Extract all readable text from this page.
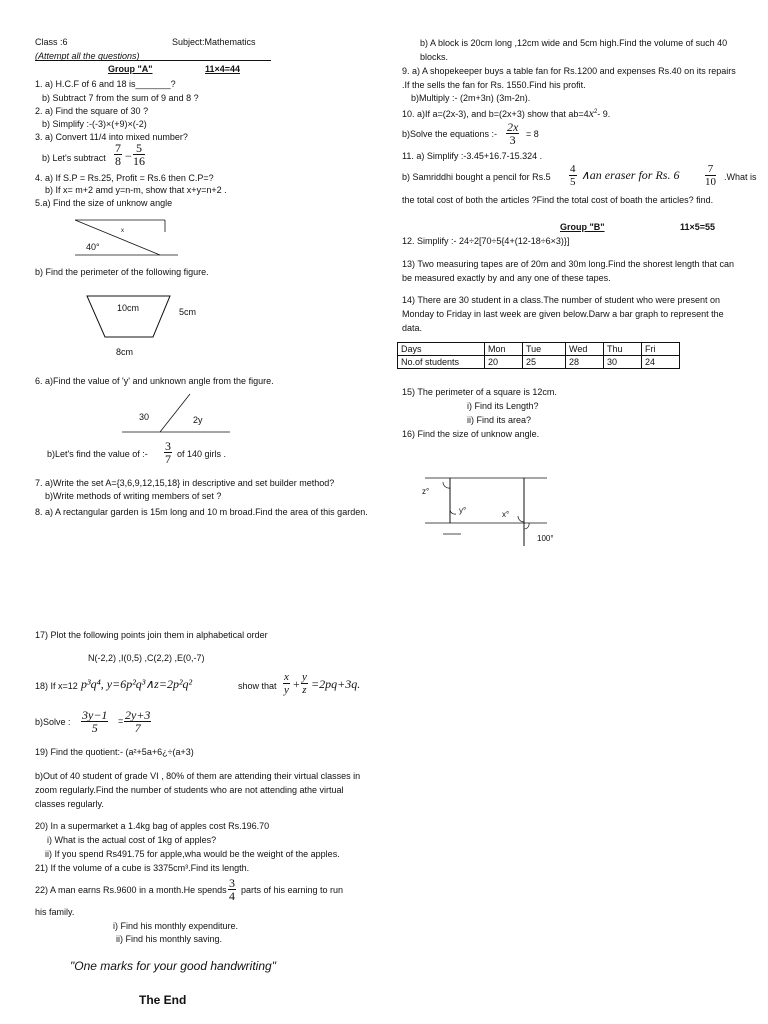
Class :6	Subject:Mathematics
(Attempt all the questions)
Group "A"	11×4=44
1. a) H.C.F of 6 and 18 is_______?
b) Subtract 7 from the sum of 9 and 8 ?
2. a) Find the square of 30 ?
b) Simplify :-(-3)×(+9)×(-2)
3. a) Convert 11/4 into mixed number?
b) Let's subtract $\frac{7}{8} - \frac{5}{16}$
4. a) If S.P = Rs.25, Profit = Rs.6 then C.P=?
b) If x= m+2 amd y=n-m, show that x+y=n+2 .
5.a) Find the size of unknow angle
40°
x
b) Find the perimeter of the following figure.
10cm	5cm
8cm
6. a)Find the value of 'y' and unknown angle from the figure.
30	2y
b)Let's find the value of :- $\frac{3}{7}$ of 140 girls .
7. a)Write the set A={3,6,9,12,15,18} in descriptive and set builder method?
b)Write methods of writing members of set ?
8. a) A rectangular garden is 15m long and 10 m broad.Find the area of this garden.
b) A block is 20cm long ,12cm wide and 5cm high.Find the volume of such 40 blocks.
9. a) A shopekeeper buys a table fan for Rs.1200 and expenses Rs.40 on its repairs .If the sells the fan for Rs. 1550.Find his profit.
b)Multiply :- (2m+3n) (3m-2n).
10. a)If a=(2x-3), and b=(2x+3) show that $ab=4x^2-$ 9.
b)Solve the equations :- $\frac{2x}{3} = 8$
11. a) Simplify :-3.45+16.7-15.324 .
b) Samriddhi bought a pencil for $Rs.5 \frac{4}{5}$ ∧an eraser for Rs. $6 \frac{7}{10}$ .What is
the total cost of both the articles ?Find the total cost of boath the articles? find.
Group "B"	11×5=55
12. Simplify :- 24÷2[70÷5{4+(12-18÷6×3)}]
13) Two measuring tapes are of 20m and 30m long.Find the shorest length that can be measured exactly by and any one of these tapes.
14) There are 30 student in a class.The number of student who were present on Monday to Friday in last week are given below.Darw a bar graph to represent the data.
Days	Mon	Tue	Wed	Thu	Fri
No.of students	20	25	28	30	24
15) The perimeter of a square is 12cm.
i) Find its Length?
ii) Find its area?
16) Find the size of unknow angle.
z°
y°	x°
100°
17) Plot the following points join them in alphabetical order
N(-2,2) ,I(0,5) ,C(2,2) ,E(0,-7)
18) If x=12 p³q⁴, y=6p²q³∧z=2p²q²	show that $\frac{x}{y} + \frac{y}{z} =2pq+3q$.
b)Solve : $\frac{3y-1}{5} = \frac{2y+3}{7}$
19) Find the quotient:- (a²+5a+6¿÷(a+3)
b)Out of 40 student of grade VI , 80% of them are attending their virtual classes in zoom regularly.Find the number of students who are not attending athe virtual classes regularly.
20) In a supermarket a 1.4kg bag of apples cost Rs.196.70
i) What is the actual cost of 1kg of apples?
ii) If you spend Rs491.75 for apple,wha would be the weight of the apples.
21) If the volume of a cube is 3375cm³.Find its length.
22) A man earns Rs.9600 in a month.He spends $\frac{3}{4}$ parts of his earning to run
his family.
i) Find his monthly expenditure.
ii) Find his monthly saving.
"One marks for your good handwriting"
The End
